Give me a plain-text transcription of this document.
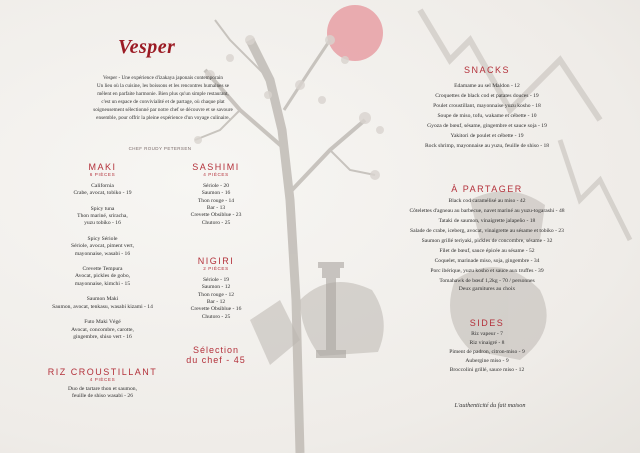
Vesper
Vesper - Une expérience d'izakaya japonais contemporain
Un lieu où la cuisine, les boissons et les rencontres humaines se
mêlent en parfaite harmonie. Bien plus qu'un simple restaurant,
c'est un espace de convivialité et de partage, où chaque plat
soigneusement sélectionné par notre chef se découvre et se savoure
ensemble, pour offrir la pleine expérience d'un voyage culinaire.
CHEF ROUDY PETERSEN
MAKI
6 PIÈCES
California
Crabe, avocat, tobiko - 19
Spicy tuna
Thon mariné, sriracha,
yuzu tobiko - 16
Spicy Sériole
Sériole, avocat, piment vert,
mayonnaise, wasabi - 16
Crevette Tempura
Avocat, pickles de gobo,
mayonnaise, kimchi - 15
Saumon Maki
Saumon, avocat, tenkasu, wasabi kizami - 14
Futo Maki Végé
Avocat, concombre, carotte,
gingembre, shiso vert - 16
SASHIMI
4 PIÈCES
Sériole - 20
Saumon - 16
Thon rouge - 14
Bar - 13
Crevette Obsiblue - 23
Chutoro - 25
NIGIRI
2 PIÈCES
Sériole - 19
Saumon - 12
Thon rouge - 12
Bar - 12
Crevette Obsiblue - 16
Chutoro - 25
Sélection
du chef - 45
RIZ CROUSTILLANT
4 PIÈCES
Duo de tartare thon et saumon,
feuille de shiso wasabi - 26
SNACKS
Edamame au sel Maldon - 12
Croquettes de black cod et patates douces - 19
Poulet croustillant, mayonnaise yuzu kosho - 18
Soupe de miso, tofu, wakame et cébette - 10
Gyoza de bœuf, sésame, gingembre et sauce soja - 19
Yakitori de poulet et cébette - 19
Rock shrimp, mayonnaise au yuzu, feuille de shiso - 18
À PARTAGER
Black cod caramélisé au miso - 42
Côtelettes d'agneau au barbecue, navet mariné au yuzu-togarashi - 48
Tataki de saumon, vinaigrette jalapeño - 18
Salade de crabe, iceberg, avocat, vinaigrette au sésame et tobiko - 23
Saumon grillé teriyaki, pickles de concombre, sésame - 32
Filet de bœuf, sauce épicée au sésame - 52
Coquelet, marinade miso, soja, gingembre - 34
Porc ibérique, yuzu kosho et sauce aux truffes - 39
Tomahawk de bœuf 1,2kg - 70 / personnes
Deux garnitures au choix
SIDES
Riz vapeur - 7
Riz vinaigré - 8
Piment de padron, citron-miso - 9
Aubergine miso - 9
Broccolini grillé, sauce miso - 12
L'authenticité du fait maison
